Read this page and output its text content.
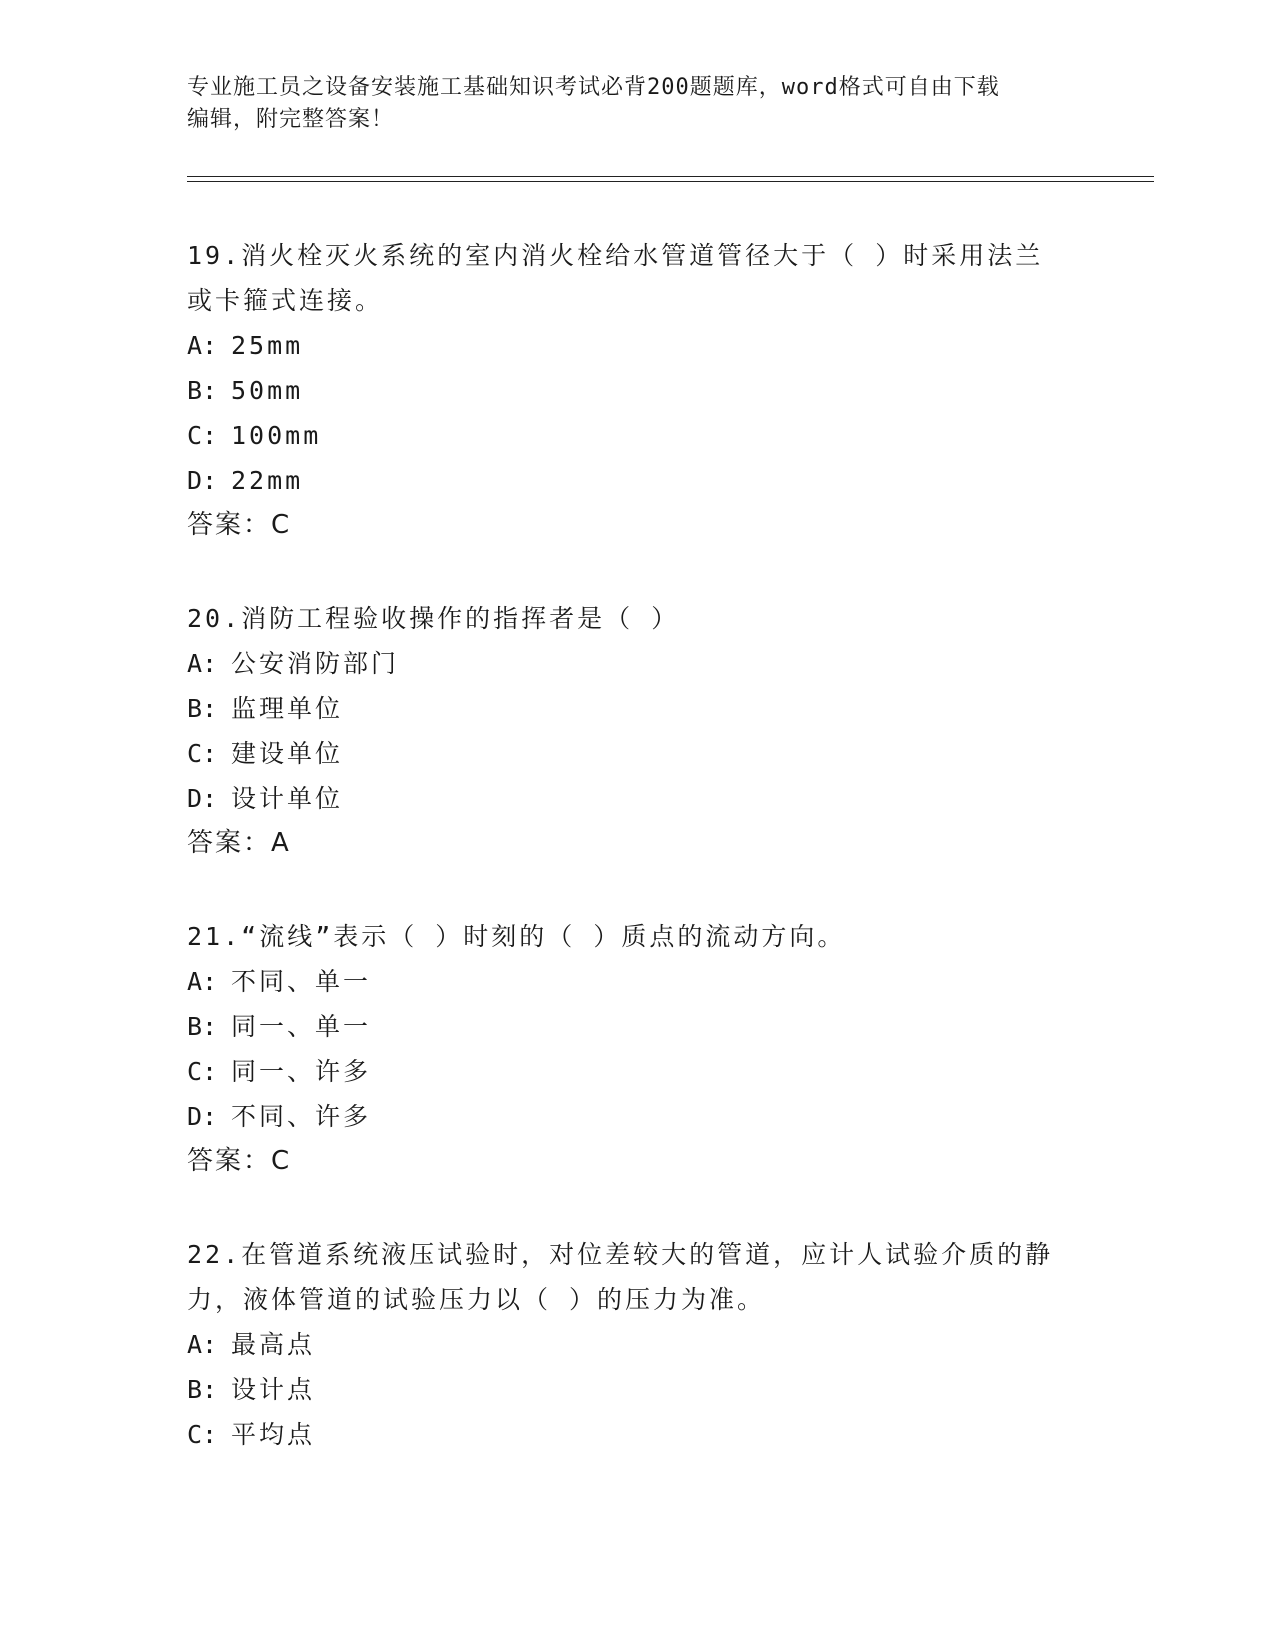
专业施工员之设备安装施工基础知识考试必背200题题库，word格式可自由下载
编辑，附完整答案！

19.消火栓灭火系统的室内消火栓给水管道管径大于（ ）时采用法兰

或卡箍式连接。

A: 25mm

B: 50mm

C: 100mm

D: 22mm

答案：C

20.消防工程验收操作的指挥者是（ ）

A: 公安消防部门

B: 监理单位

C: 建设单位

D: 设计单位

答案：A

21.“流线”表示（ ）时刻的（ ）质点的流动方向。

A: 不同、单一

B: 同一、单一

C: 同一、许多

D: 不同、许多

答案：C

22.在管道系统液压试验时，对位差较大的管道，应计人试验介质的静

力，液体管道的试验压力以（ ）的压力为准。

A: 最高点

B: 设计点

C: 平均点
